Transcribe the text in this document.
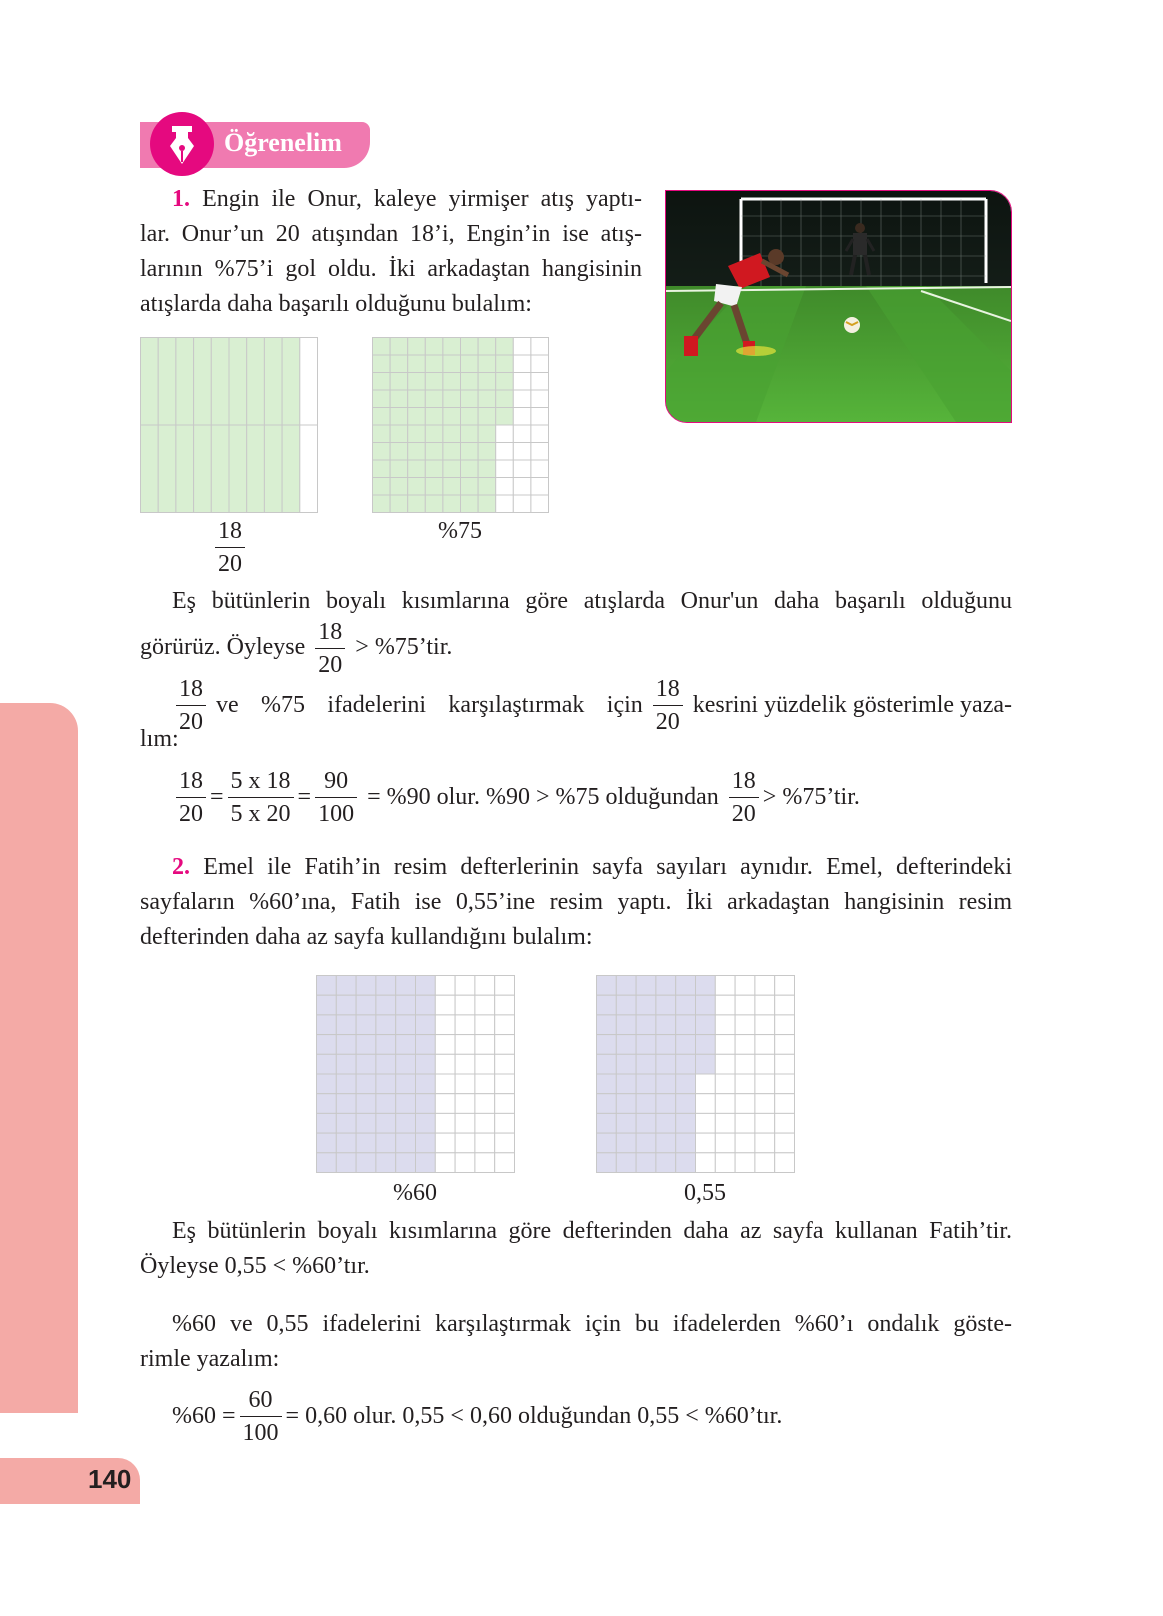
Öğrenelim
140
1. Engin ile Onur, kaleye yirmişer atış yaptı-
lar. Onur’un 20 atışından 18’i, Engin’in ise atış-
larının %75’i gol oldu. İki arkadaştan hangisinin
atışlarda daha başarılı olduğunu bulalım:
$\frac{18}{20}$	%75
Eş bütünlerin boyalı kısımlarına göre atışlarda Onur'un daha başarılı olduğunu
görürüz. Öyleyse $\frac{18}{20}$ > %75’tir.
$\frac{18}{20}$ ve %75 ifadelerini karşılaştırmak için $\frac{18}{20}$ kesrini yüzdelik gösterimle yaza-
lım:
$\frac{18}{20} = \frac{5 x 18}{5 x 20} = \frac{90}{100} = \%90$ olur. %90 > %75 olduğundan $\frac{18}{20}$ > %75’tir.
2. Emel ile Fatih’in resim defterlerinin sayfa sayıları aynıdır. Emel, defterindeki
sayfaların %60’ına, Fatih ise 0,55’ine resim yaptı. İki arkadaştan hangisinin resim
defterinden daha az sayfa kullandığını bulalım:
%60	0,55
Eş bütünlerin boyalı kısımlarına göre defterinden daha az sayfa kullanan Fatih’tir.
Öyleyse 0,55 < %60’tır.
%60 ve 0,55 ifadelerini karşılaştırmak için bu ifadelerden %60’ı ondalık göste-
rimle yazalım:
$\%60 = \frac{60}{100} = 0,60$ olur. 0,55 < 0,60 olduğundan 0,55 < %60’tır.
